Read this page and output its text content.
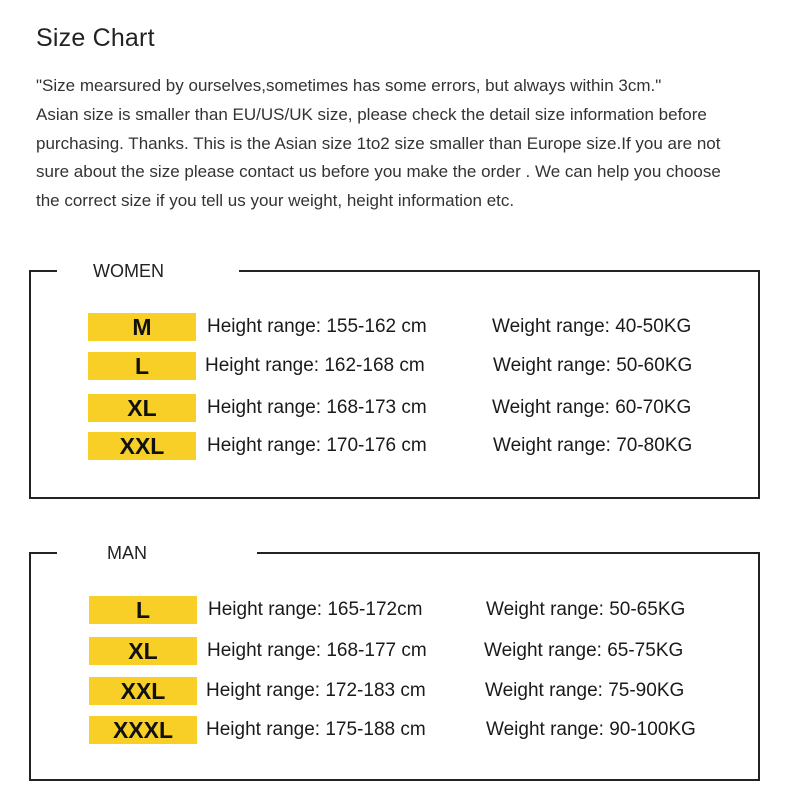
Size Chart

"Size mearsured by ourselves,sometimes has some errors, but always within 3cm."

Asian size is smaller than EU/US/UK size, please check the detail size information before

purchasing. Thanks. This is the Asian size 1to2 size smaller than Europe size.If you are not

sure about the size please contact us before you make the order . We can help you choose

the correct size if you tell us your weight, height information etc.

WOMEN
M	Height range: 155-162 cm	Weight range: 40-50KG
L	Height range: 162-168 cm	Weight range: 50-60KG
XL	Height range: 168-173 cm	Weight range: 60-70KG
XXL	Height range: 170-176 cm	Weight range: 70-80KG
MAN
L	Height range: 165-172cm	Weight range: 50-65KG
XL	Height range: 168-177 cm	Weight range: 65-75KG
XXL	Height range: 172-183 cm	Weight range: 75-90KG
XXXL	Height range: 175-188 cm	Weight range: 90-100KG
